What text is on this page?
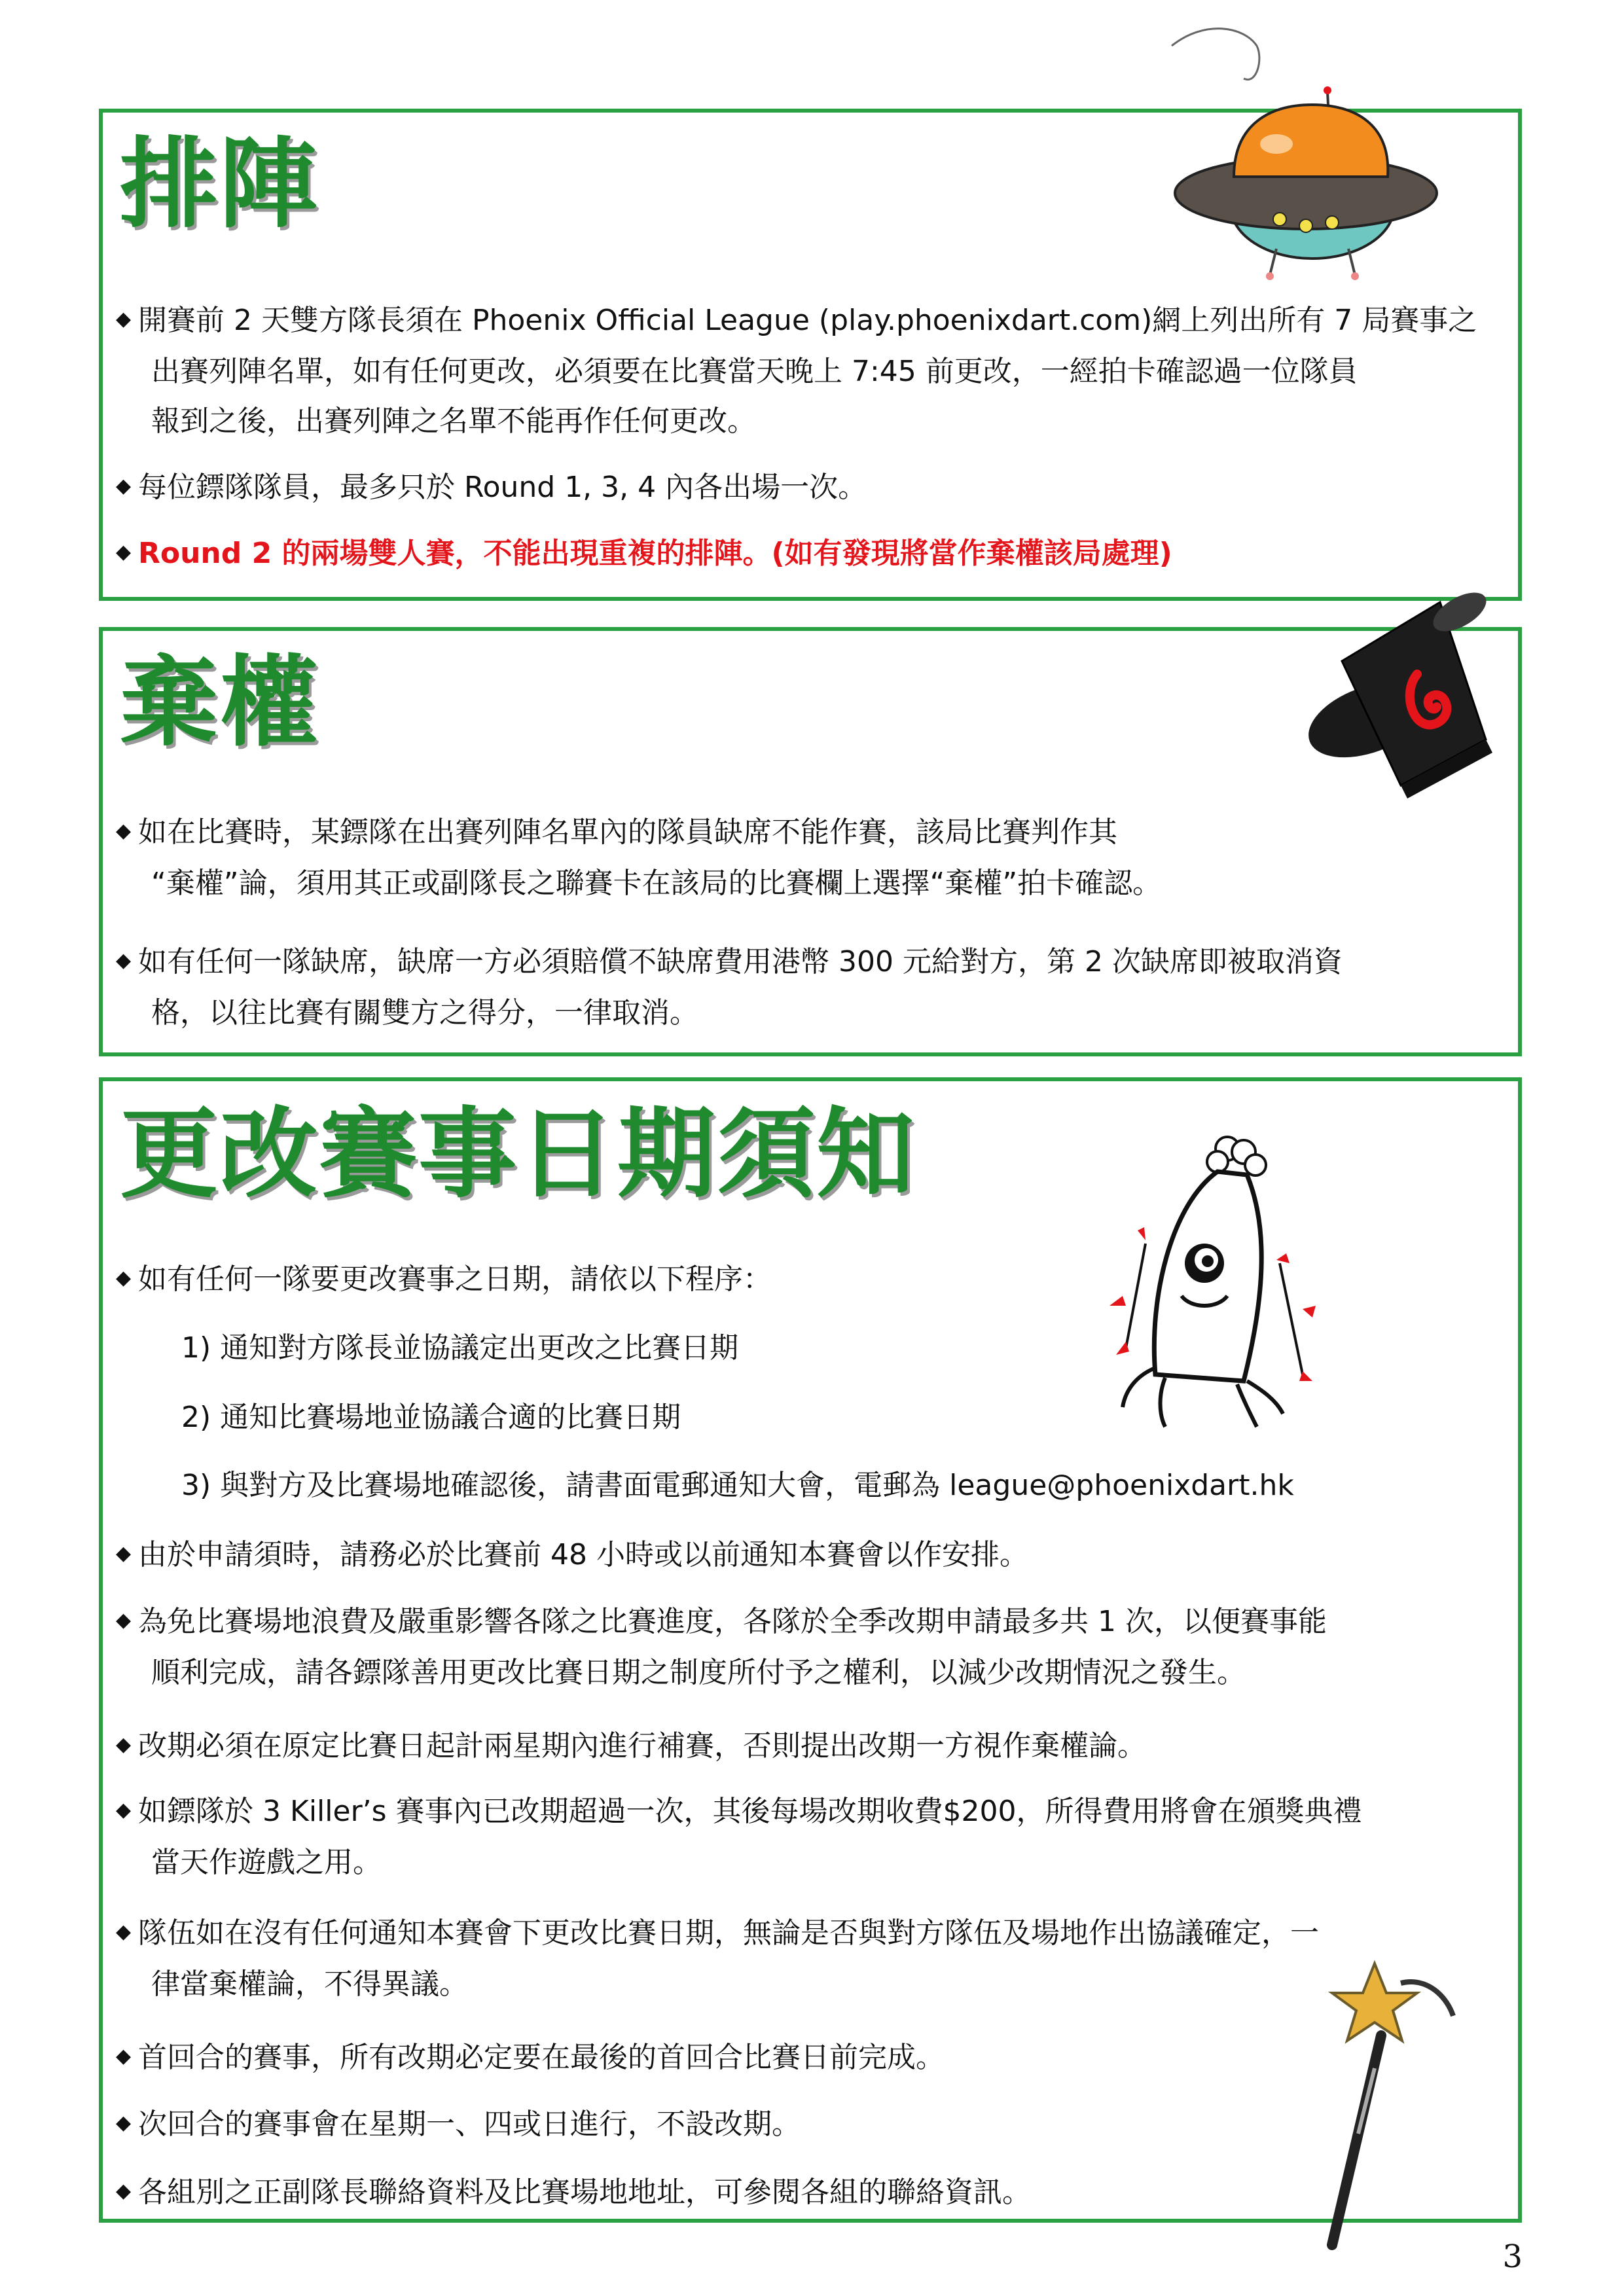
排陣

◆ 開賽前 2 天雙方隊長須在 Phoenix Official League (play.phoenixdart.com)網上列出所有 7 局賽事之
出賽列陣名單，如有任何更改，必須要在比賽當天晚上 7:45 前更改，一經拍卡確認過一位隊員
報到之後，出賽列陣之名單不能再作任何更改。

◆ 每位鏢隊隊員，最多只於 Round 1, 3, 4 內各出場一次。

◆ Round 2 的兩場雙人賽，不能出現重複的排陣。(如有發現將當作棄權該局處理)

棄權

◆ 如在比賽時，某鏢隊在出賽列陣名單內的隊員缺席不能作賽，該局比賽判作其
“棄權”論，須用其正或副隊長之聯賽卡在該局的比賽欄上選擇“棄權”拍卡確認。

◆ 如有任何一隊缺席，缺席一方必須賠償不缺席費用港幣 300 元給對方，第 2 次缺席即被取消資
格，以往比賽有關雙方之得分，一律取消。

更改賽事日期須知

◆ 如有任何一隊要更改賽事之日期，請依以下程序：

1) 通知對方隊長並協議定出更改之比賽日期

2) 通知比賽場地並協議合適的比賽日期

3) 與對方及比賽場地確認後，請書面電郵通知大會，電郵為 league@phoenixdart.hk

◆ 由於申請須時，請務必於比賽前 48 小時或以前通知本賽會以作安排。

◆ 為免比賽場地浪費及嚴重影響各隊之比賽進度，各隊於全季改期申請最多共 1 次，以便賽事能
順利完成，請各鏢隊善用更改比賽日期之制度所付予之權利，以減少改期情況之發生。

◆ 改期必須在原定比賽日起計兩星期內進行補賽，否則提出改期一方視作棄權論。

◆ 如鏢隊於 3 Killer’s 賽事內已改期超過一次，其後每場改期收費$200，所得費用將會在頒獎典禮
當天作遊戲之用。

◆ 隊伍如在沒有任何通知本賽會下更改比賽日期，無論是否與對方隊伍及場地作出協議確定，一
律當棄權論，不得異議。

◆ 首回合的賽事，所有改期必定要在最後的首回合比賽日前完成。

◆ 次回合的賽事會在星期一、四或日進行，不設改期。

◆ 各組別之正副隊長聯絡資料及比賽場地地址，可參閱各組的聯絡資訊。

3
